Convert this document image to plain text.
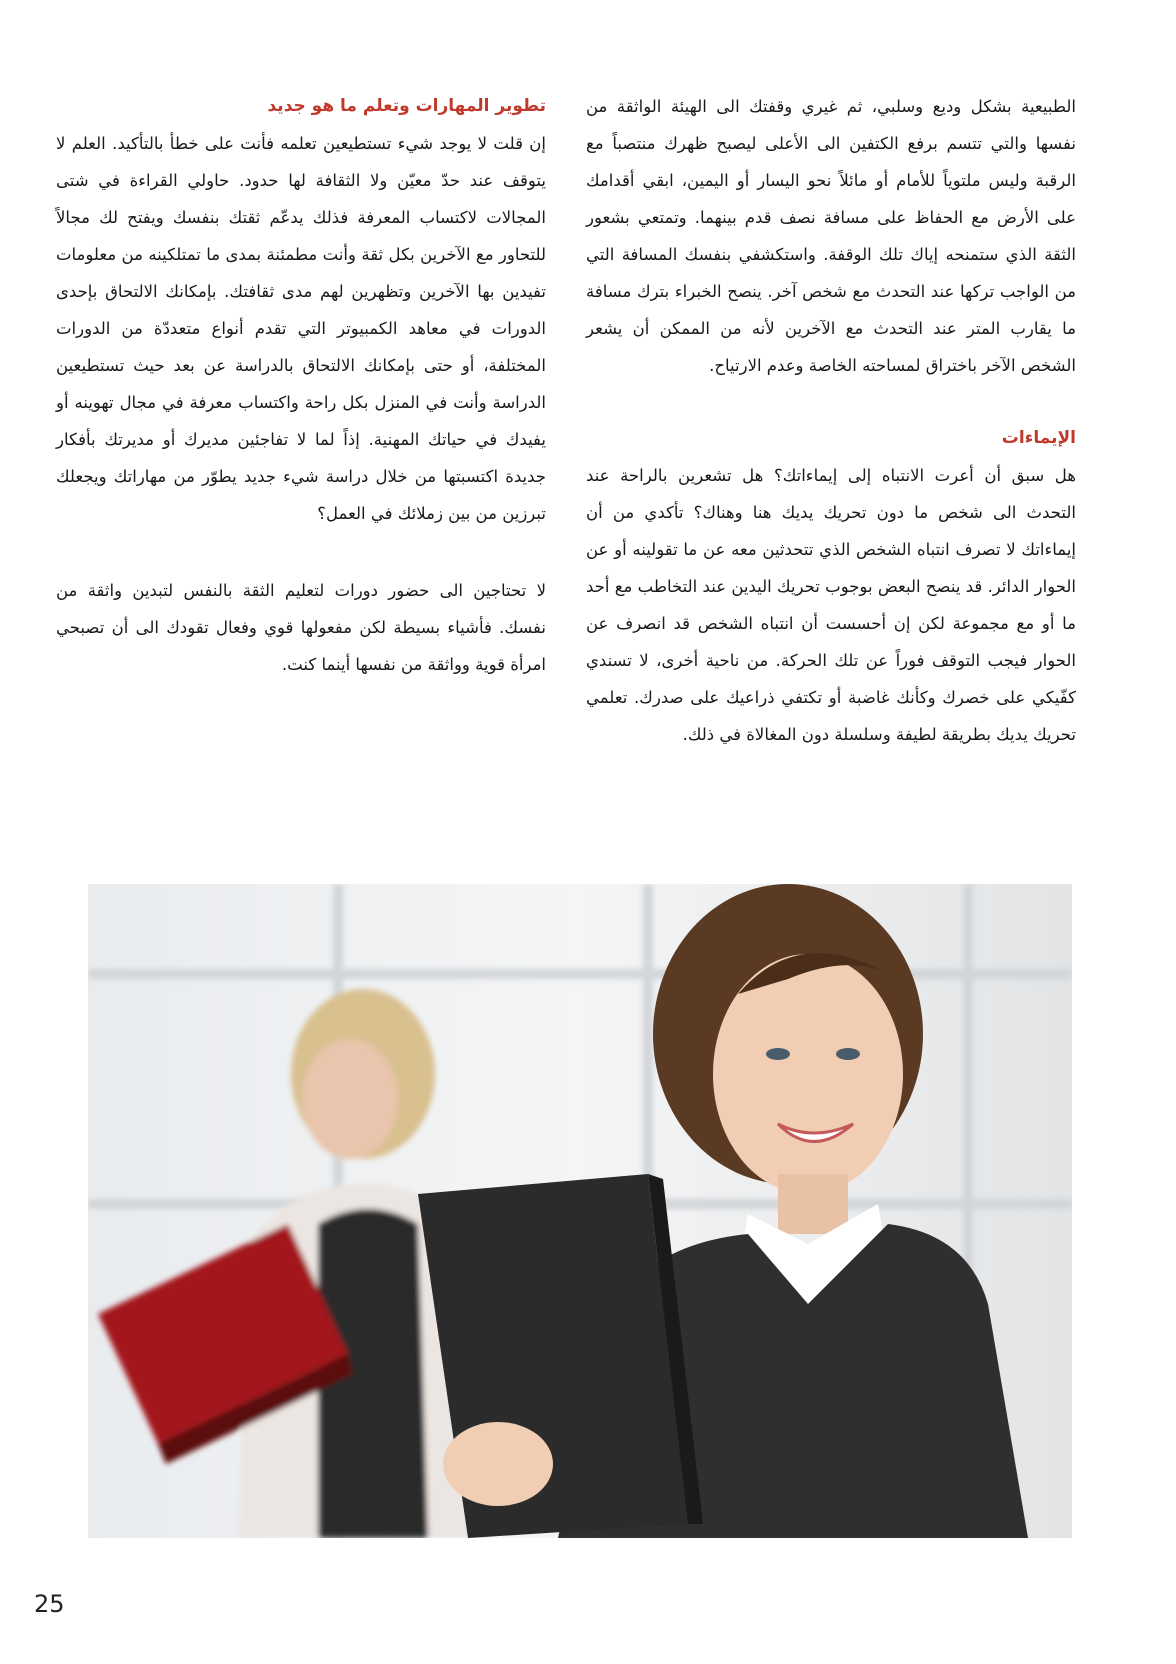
الطبيعية بشكل وديع وسلبي، ثم غيري وقفتك الى الهيئة الواثقة من نفسها والتي تتسم برفع الكتفين الى الأعلى ليصبح ظهرك منتصباً مع الرقبة وليس ملتوياً للأمام أو مائلاً نحو اليسار أو اليمين، ابقي أقدامك على الأرض مع الحفاظ على مسافة نصف قدم بينهما. وتمتعي بشعور الثقة الذي ستمنحه إياك تلك الوقفة. واستكشفي بنفسك المسافة التي من الواجب تركها عند التحدث مع شخص آخر. ينصح الخبراء بترك مسافة ما يقارب المتر عند التحدث مع الآخرين لأنه من الممكن أن يشعر الشخص الآخر باختراق لمساحته الخاصة وعدم الارتياح.

الإيماءات

هل سبق أن أعرت الانتباه إلى إيماءاتك؟ هل تشعرين بالراحة عند التحدث الى شخص ما دون تحريك يديك هنا وهناك؟ تأكدي من أن إيماءاتك لا تصرف انتباه الشخص الذي تتحدثين معه عن ما تقولينه أو عن الحوار الدائر. قد ينصح البعض بوجوب تحريك اليدين عند التخاطب مع أحد ما أو مع مجموعة لكن إن أحسست أن انتباه الشخص قد انصرف عن الحوار فيجب التوقف فوراً عن تلك الحركة. من ناحية أخرى، لا تسندي كفّيكي على خصرك وكأنك غاضبة أو تكتفي ذراعيك على صدرك. تعلمي تحريك يديك بطريقة لطيفة وسلسلة دون المغالاة في ذلك.

تطوير المهارات وتعلم ما هو جديد

إن قلت لا يوجد شيء تستطيعين تعلمه فأنت على خطأ بالتأكيد. العلم لا يتوقف عند حدّ معيّن ولا الثقافة لها حدود. حاولي القراءة في شتى المجالات لاكتساب المعرفة فذلك يدعّم ثقتك بنفسك ويفتح لك مجالاً للتحاور مع الآخرين بكل ثقة وأنت مطمئنة بمدى ما تمتلكينه من معلومات تفيدين بها الآخرين وتظهرين لهم مدى ثقافتك. بإمكانك الالتحاق بإحدى الدورات في معاهد الكمبيوتر التي تقدم أنواع متعددّة من الدورات المختلفة، أو حتى بإمكانك الالتحاق بالدراسة عن بعد حيث تستطيعين الدراسة وأنت في المنزل بكل راحة واكتساب معرفة في مجال تهوينه أو يفيدك في حياتك المهنية. إذاً لما لا تفاجئين مديرك أو مديرتك بأفكار جديدة اكتسبتها من خلال دراسة شيء جديد يطوّر من مهاراتك ويجعلك تبرزين من بين زملائك في العمل؟

لا تحتاجين الى حضور دورات لتعليم الثقة بالنفس لتبدين واثقة من نفسك. فأشياء بسيطة لكن مفعولها قوي وفعال تقودك الى أن تصبحي امرأة قوية وواثقة من نفسها أينما كنت.

25
